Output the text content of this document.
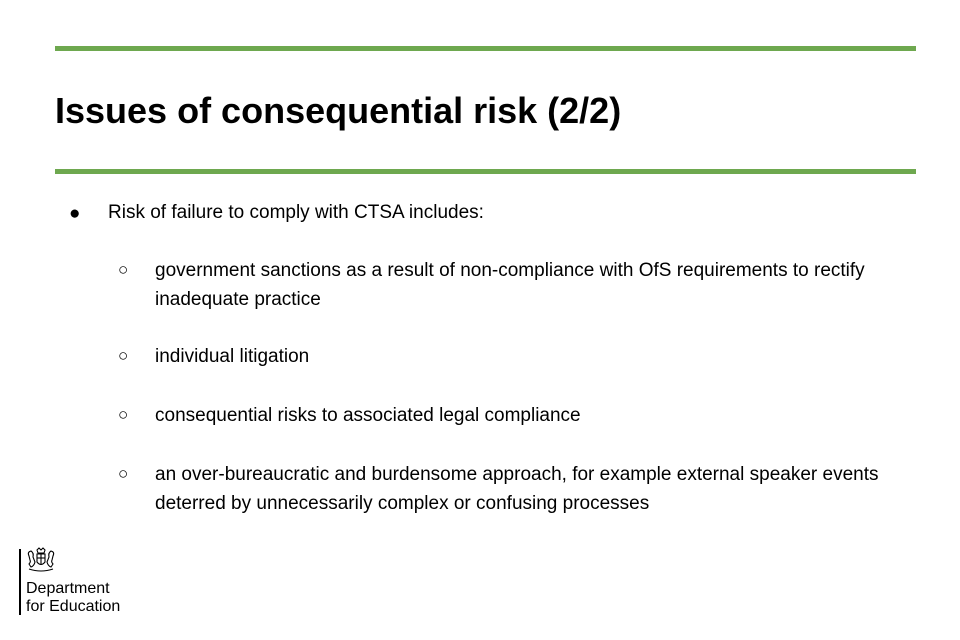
Issues of consequential risk (2/2)
● Risk of failure to comply with CTSA includes:
○ government sanctions as a result of non-compliance with OfS requirements to rectify inadequate practice
○ individual litigation
○ consequential risks to associated legal compliance
○ an over-bureaucratic and burdensome approach, for example external speaker events deterred by unnecessarily complex or confusing processes
Department
for Education
